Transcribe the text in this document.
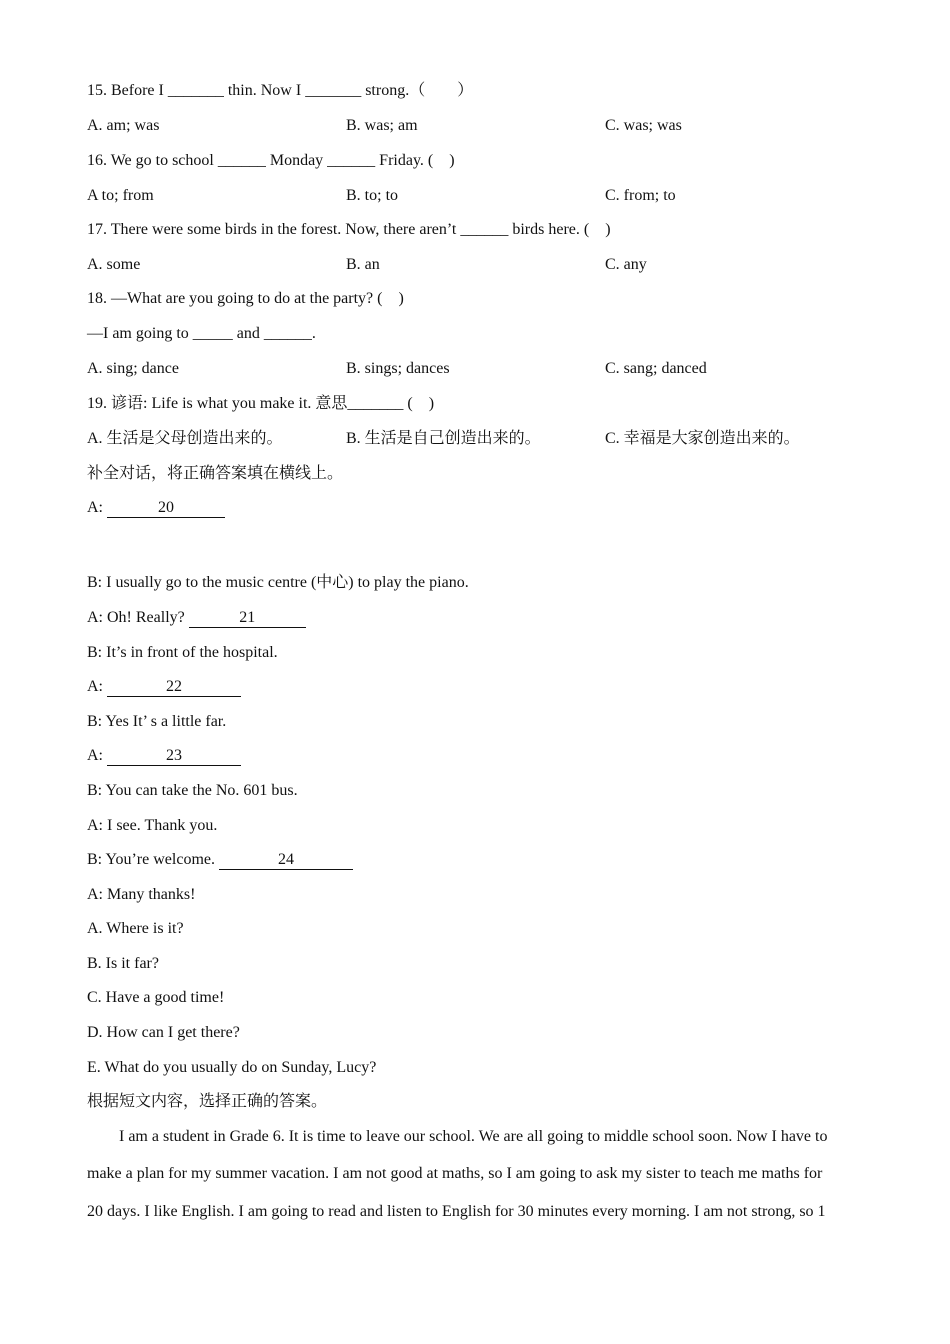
15. Before I _______ thin. Now I _______ strong.（　　）
A. am; was	B. was; am	C. was; was
16. We go to school ______ Monday ______ Friday. (　)
A to; from	B. to; to	C. from; to
17. There were some birds in the forest. Now, there aren’t ______ birds here. (　)
A. some	B. an	C. any
18. —What are you going to do at the party? (　)
—I am going to _____ and ______.
A. sing; dance	B. sings; dances	C. sang; danced
19. 谚语: Life is what you make it. 意思_______ (　)
A. 生活是父母创造出来的。	B. 生活是自己创造出来的。	C. 幸福是大家创造出来的。
补全对话，将正确答案填在横线上。
A:	20
B: I usually go to the music centre (中心) to play the piano.
A: Oh! Really?	21
B: It’s in front of the hospital.
A:	22
B: Yes It’ s a little far.
A:	23
B: You can take the No. 601 bus.
A: I see. Thank you.
B: You’re welcome.	24
A: Many thanks!
A. Where is it?
B. Is it far?
C. Have a good time!
D. How can I get there?
E. What do you usually do on Sunday, Lucy?
根据短文内容，选择正确的答案。
I am a student in Grade 6. It is time to leave our school. We are all going to middle school soon. Now I have to
make a plan for my summer vacation. I am not good at maths, so I am going to ask my sister to teach me maths for
20 days. I like English. I am going to read and listen to English for 30 minutes every morning. I am not strong, so 1
